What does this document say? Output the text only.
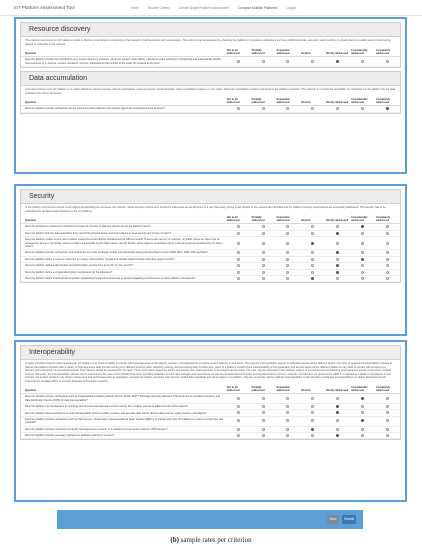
IoT Platform Assessment Tool	Home	Browse Criteria	Create Single Platform Assessment	Compare Multiple Platforms	Logout
Resource discovery
This criterion examines if an IoT platform is able to discover smart objects connecting to the network in both automatic and manual ways. This criterion can be assessed by checking the platform if it provides mechanisms such as publish/subscribe, semantic match making, or virtual objects to enable users in discovering objects or subscribe to the network.
Question	Not at all addressed	Partially addressed	Somewhat addressed	Neutral	Mostly addressed	Considerably addressed	Completely addressed
Does the platform provide the mechanisms (e.g. service discovery protocols, electronic product codes (EPC), ubiquitous codes (uCode)) to dynamically and automatically identify new resources (e.g. devices, sensors, actuators, services, applications) that connect to the smart city network at any time?							
Data accumulation
A primary function of an IoT platform is to collect data from various sources such as applications, external sources, social networks, video surveillance systems, or city maps, which are embedded in and/or connected to the platform networks. This criterion is to check the availability of mechanisms in the platform for the data collection from the environment.
Question	Not at all addressed	Partially addressed	Somewhat addressed	Neutral	Mostly addressed	Considerably addressed	Completely addressed
Does the platform provide mechanisms for the continuous data collection from various objects for processing across all layers?							
Security
In the platform environment where smart objects dynamically join and leave the network, robust security mechanisms should be addressed across all layers in a way that newly joining smart objects to the network are identified and the platform security requirements are acceptably addressed. This security has to be considered for all data-related functions in the IoT platform.
Question	Not at all addressed	Partially addressed	Somewhat addressed	Neutral	Mostly addressed	Considerably addressed	Completely addressed
Does the architecture implement mechanisms to keep the security of data and objects across the platform layers?							
Does the platform limit the data acquisition from user/OCD personal device and smart objects to keep security and privacy of users?							
Does the platform enable an end user to define customized smart objects (doublecheck) at different levels? These levels can be, for example, (1) public: where an object can be accessed by all users; (2) private: where an object is accessible by the object owner; and (3) friends: where object is accessible only by a friends group as predefined by the object owner?							
Does the platform provide mechanisms and techniques for a safe exchange of data and interactions among devices/objects across M2M, M2H, H2M, M2S and M2C?							
Does the platform define an access control list (or routes) used at filters, firewall and network based intrusion detection systems at FIU?							
Does the platform define authentication and authorization mechanisms at (i) uIS, IS, OS, and SV?							
Does the platform define encryption/decryption mechanisms for the data layer?							
Does the platform define functional decomposition (separating functional components) to avoid propagating security issues to other platform components?							
Interoperability
A highly important criterion when selecting an IoT platform is to check its ability to interact with heterogeneous smart objects, services, and applications to ensure service delivery to end users. The need for interoperability support is ubiquitous across all the different layers. One form of required interoperability is related to data as the platform interacts with a variety of heterogeneous data formats coming from different sources when collecting, storing, and processing data. Furthermore, users of a platform should check interoperability at the application and service layers where different platforms may need to interact with services (e.g. domain) and exist jointly via events/commands. This criterion should be assessed for the layer. There each need support for device connectivity from heterogeneous smart objects and services. The user may be interested in the platform support of connecting and provisioning heterogeneous events coming from multiple sources. Moreover, the interoperability criterion can be examined in the case of the infrastructure layer providing hardware for both data storages and computation as well as physical interconnectivity among data centres, servers, networks, and devices. As presented in Table 4, in assessing a platform compliance to this criterion, the system architect may check mechanisms and techniques such as ontologies, semantic annotation, semantic web services, linked data standards and virtual objects in a platform, that are commonly used to address interoperability. It also provides a webpage interoperability is to define abstraction levels supported by interfaces/APIs to connect disparate technologies together.
Question	Not at all addressed	Partially addressed	Somewhat addressed	Neutral	Mostly addressed	Considerably addressed	Completely addressed
Does the platform provide mechanisms such as Knapsack/Enumeration protocol, MUUS, SOAP, MQTT (Message Queuing Telemetry Transport) and in consistent transport, and Data Distribution Service (DDS) for data interoperability?							
Does the platform use mechanisms to exchange and process heterogeneous events coming from multiple sources at different levels of the system?							
Does the platform have mechanisms to unify interoperability points to collect, process, and generate data from/to diverse data sources, legacy devices, and objects?							
Does the platform provide mechanisms such as Web service, Virtual object, Representational State Transfer (REST), to interact with other IoT platforms in order to unlock their real potential?							
Does the platform provide mechanism to identify heterogeneous resources in a network such as sensor networks, RFID devices?							
Does the platform provide necessary interfaces to facilitate invoking its services?							
Save	Submit
(b) sample rates per criterion
